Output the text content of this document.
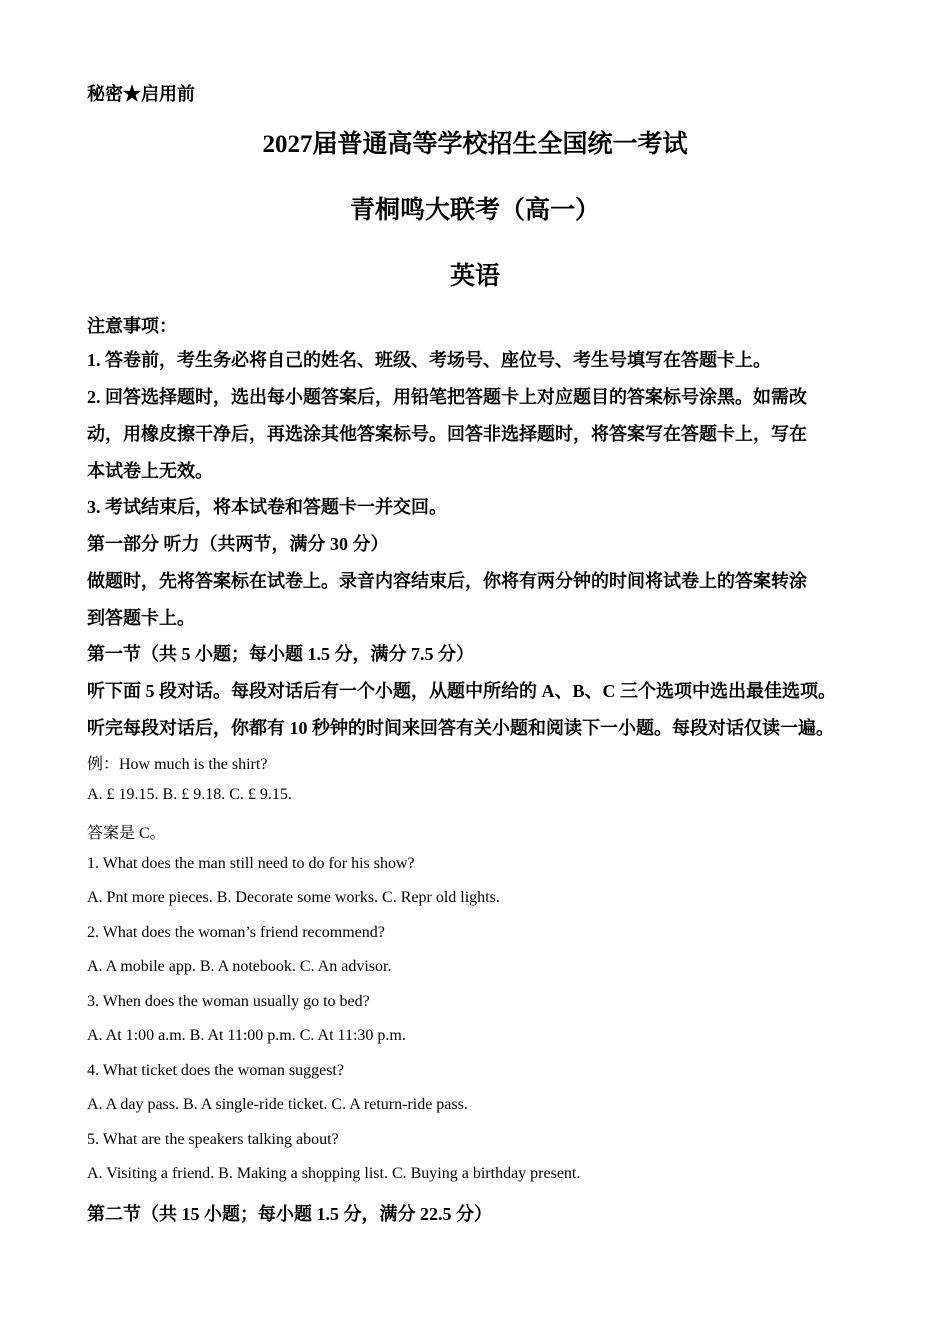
秘密★启用前
2027届普通高等学校招生全国统一考试
青桐鸣大联考（高一）
英语
注意事项：
1. 答卷前，考生务必将自己的姓名、班级、考场号、座位号、考生号填写在答题卡上。
2. 回答选择题时，选出每小题答案后，用铅笔把答题卡上对应题目的答案标号涂黑。如需改
动，用橡皮擦干净后，再选涂其他答案标号。回答非选择题时，将答案写在答题卡上，写在
本试卷上无效。
3. 考试结束后，将本试卷和答题卡一并交回。
第一部分 听力（共两节，满分 30 分）
做题时，先将答案标在试卷上。录音内容结束后，你将有两分钟的时间将试卷上的答案转涂
到答题卡上。
第一节（共 5 小题；每小题 1.5 分，满分 7.5 分）
听下面 5 段对话。每段对话后有一个小题，从题中所给的 A、B、C 三个选项中选出最佳选项。
听完每段对话后，你都有 10 秒钟的时间来回答有关小题和阅读下一小题。每段对话仅读一遍。
例：How much is the shirt?
A. £ 19.15. B. £ 9.18. C. £ 9.15.
答案是 C。
1. What does the man still need to do for his show?
A. Pnt more pieces. B. Decorate some works. C. Repr old lights.
2. What does the woman’s friend recommend?
A. A mobile app. B. A notebook. C. An advisor.
3. When does the woman usually go to bed?
A. At 1:00 a.m. B. At 11:00 p.m. C. At 11:30 p.m.
4. What ticket does the woman suggest?
A. A day pass. B. A single-ride ticket. C. A return-ride pass.
5. What are the speakers talking about?
A. Visiting a friend. B. Making a shopping list. C. Buying a birthday present.
第二节（共 15 小题；每小题 1.5 分，满分 22.5 分）
